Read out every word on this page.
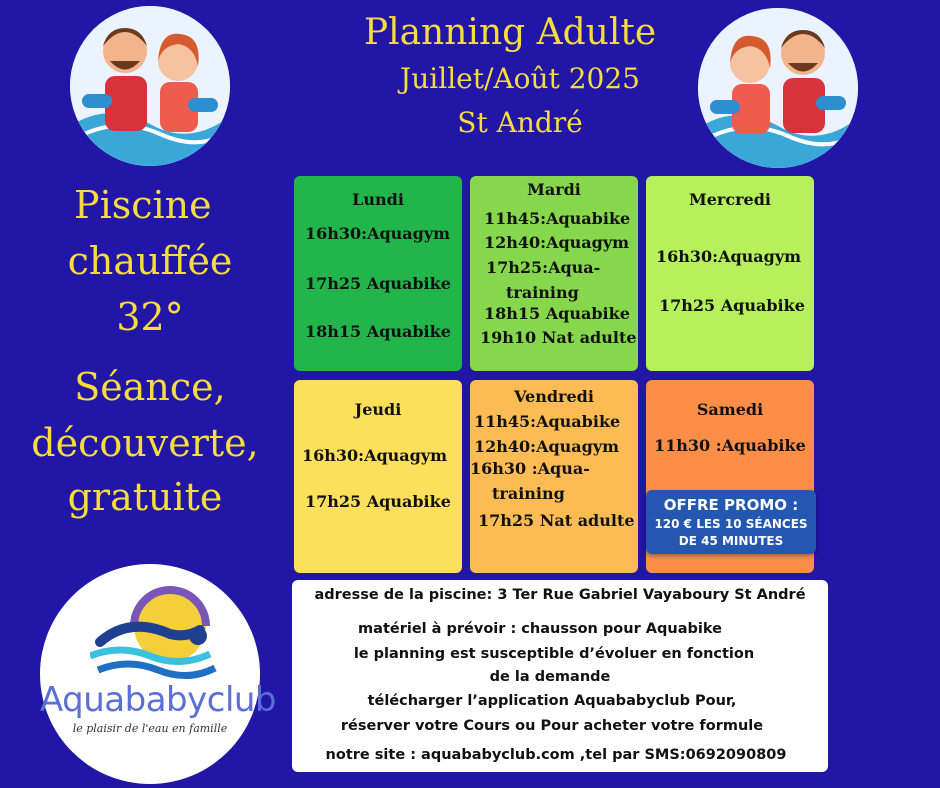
Planning Adulte
Juillet/Août 2025
St André
Piscine
chauffée
32°
Séance,
découverte,
gratuite
Lundi
16h30:Aquagym
17h25 Aquabike
18h15 Aquabike
Mardi
11h45:Aquabike
12h40:Aquagym
17h25:Aqua-
training
18h15 Aquabike
19h10 Nat adulte
Mercredi
16h30:Aquagym
17h25 Aquabike
Jeudi
16h30:Aquagym
17h25 Aquabike
Vendredi
11h45:Aquabike
12h40:Aquagym
16h30 :Aqua-
training
17h25 Nat adulte
Samedi
11h30 :Aquabike
OFFRE PROMO :
120 € LES 10 SÉANCES
DE 45 MINUTES
adresse de la piscine: 3 Ter Rue Gabriel Vayaboury St André
matériel à prévoir : chausson pour Aquabike
le planning est susceptible d’évoluer en fonction
de la demande
télécharger l’application Aquababyclub Pour,
réserver votre Cours ou Pour acheter votre formule
notre site : aquababyclub.com ,tel par SMS:0692090809
Aquababyclub
le plaisir de l'eau en famille
